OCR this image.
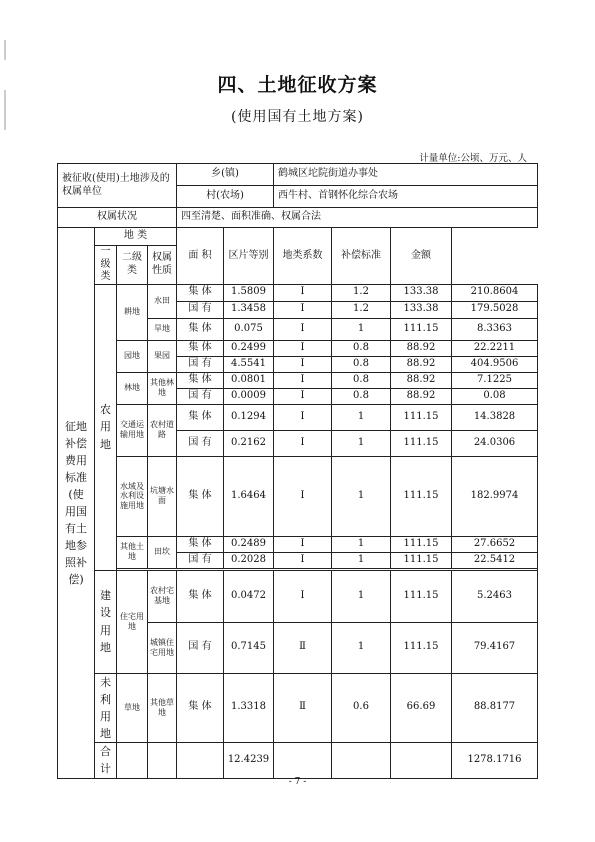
四、土地征收方案
(使用国有土地方案)
计量单位:公顷、万元、人
被征收(使用)土地涉及的权属单位				乡(镇)		鹤城区坨院街道办事处			
				村(农场)		西牛村、首钢怀化综合农场			
权属状况				四至清楚、面积准确、权属合法					
征地补偿费用标准(使用国有土地参照补偿)	地 类			面 积	区片等别	地类系数	补偿标准	金额	
	一级类	二级类	权属性质						
	农用地	耕地	水田	集 体	1.5809	Ⅰ	1.2	133.38	210.8604
				国 有	1.3458	Ⅰ	1.2	133.38	179.5028
			旱地	集 体	0.075	Ⅰ	1	111.15	8.3363
		园地	果园	集 体	0.2499	Ⅰ	0.8	88.92	22.2211
				国 有	4.5541	Ⅰ	0.8	88.92	404.9506
		林地	其他林地	集 体	0.0801	Ⅰ	0.8	88.92	7.1225
				国 有	0.0009	Ⅰ	0.8	88.92	0.08
		交通运输用地	农村道路	集 体	0.1294	Ⅰ	1	111.15	14.3828
				国 有	0.2162	Ⅰ	1	111.15	24.0306
		水域及水利设施用地	坑塘水面	集 体	1.6464	Ⅰ	1	111.15	182.9974
		其他土地	田坎	集 体	0.2489	Ⅰ	1	111.15	27.6652
				国 有	0.2028	Ⅰ	1	111.15	22.5412

	建设用地	住宅用地	农村宅基地	集 体	0.0472	Ⅰ	1	111.15	5.2463
			城镇住宅用地	国 有	0.7145	Ⅱ	1	111.15	79.4167
	未利用地	草地	其他草地	集 体	1.3318	Ⅱ	0.6	66.69	88.8177
	合计				12.4239				1278.1716
- 7 -
